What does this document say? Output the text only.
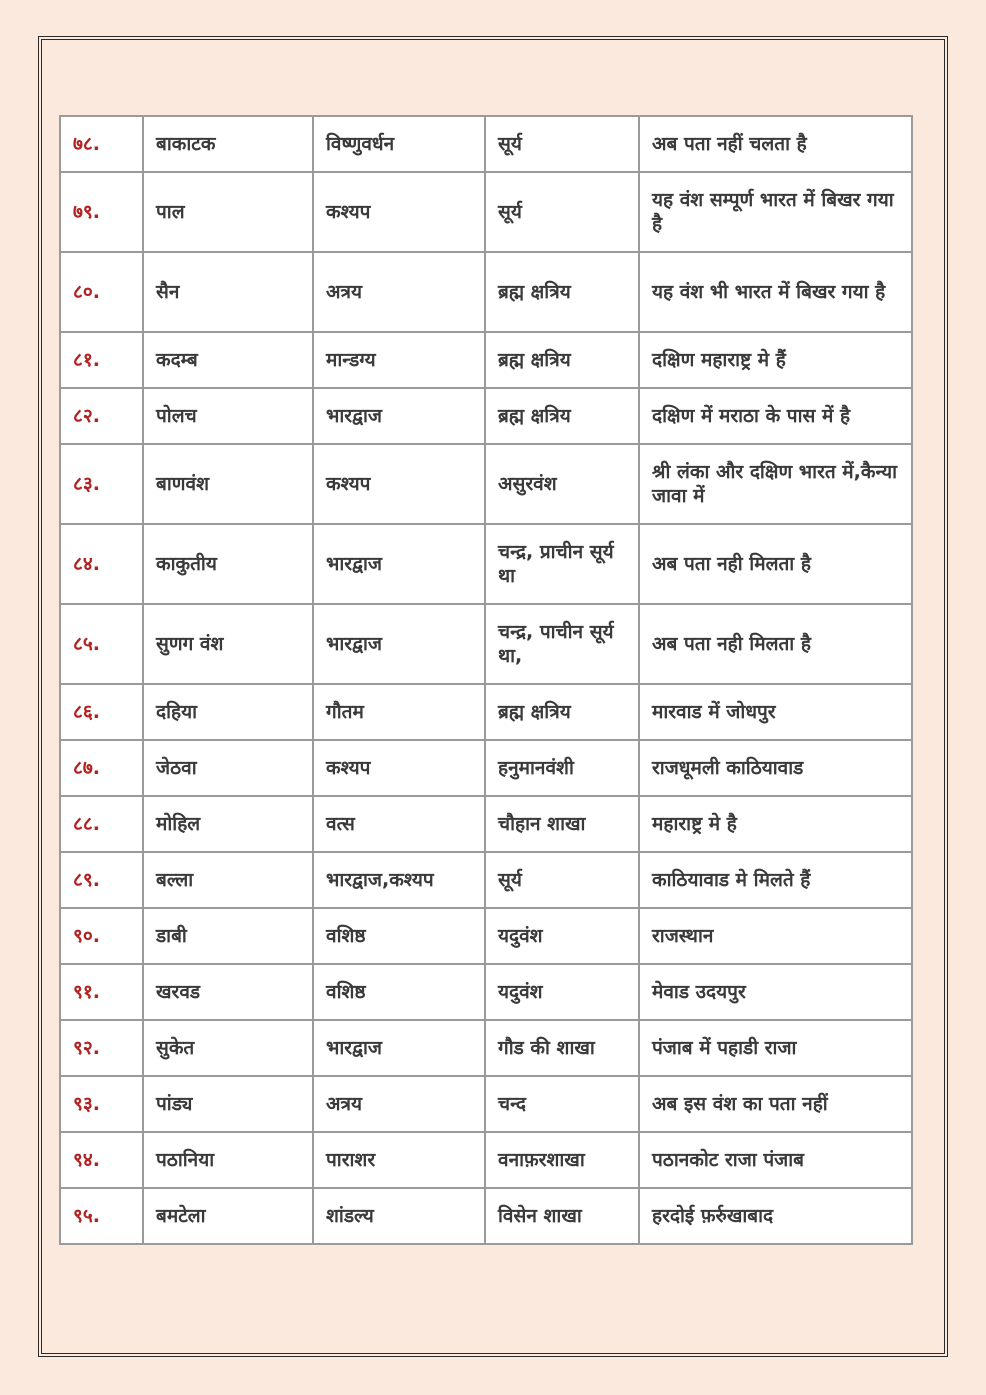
७८.	बाकाटक	विष्णुवर्धन	सूर्य	अब पता नहीं चलता है
७९.	पाल	कश्यप	सूर्य	यह वंश सम्पूर्ण भारत में बिखर गया है
८०.	सैन	अत्रय	ब्रह्म क्षत्रिय	यह वंश भी भारत में बिखर गया है
८१.	कदम्ब	मान्डग्य	ब्रह्म क्षत्रिय	दक्षिण महाराष्ट्र मे हैं
८२.	पोलच	भारद्वाज	ब्रह्म क्षत्रिय	दक्षिण में मराठा के पास में है
८३.	बाणवंश	कश्यप	असुरवंश	श्री लंका और दक्षिण भारत में,कैन्या जावा में
८४.	काकुतीय	भारद्वाज	चन्द्र, प्राचीन सूर्य था	अब पता नही मिलता है
८५.	सुणग वंश	भारद्वाज	चन्द्र, पाचीन सूर्य था,	अब पता नही मिलता है
८६.	दहिया	गौतम	ब्रह्म क्षत्रिय	मारवाड में जोधपुर
८७.	जेठवा	कश्यप	हनुमानवंशी	राजधूमली काठियावाड
८८.	मोहिल	वत्स	चौहान शाखा	महाराष्ट्र मे है
८९.	बल्ला	भारद्वाज,कश्यप	सूर्य	काठियावाड मे मिलते हैं
९०.	डाबी	वशिष्ठ	यदुवंश	राजस्थान
९१.	खरवड	वशिष्ठ	यदुवंश	मेवाड उदयपुर
९२.	सुकेत	भारद्वाज	गौड की शाखा	पंजाब में पहाडी राजा
९३.	पांड्य	अत्रय	चन्द	अब इस वंश का पता नहीं
९४.	पठानिया	पाराशर	वनाफ़रशाखा	पठानकोट राजा पंजाब
९५.	बमटेला	शांडल्य	विसेन शाखा	हरदोई फ़र्रुखाबाद
